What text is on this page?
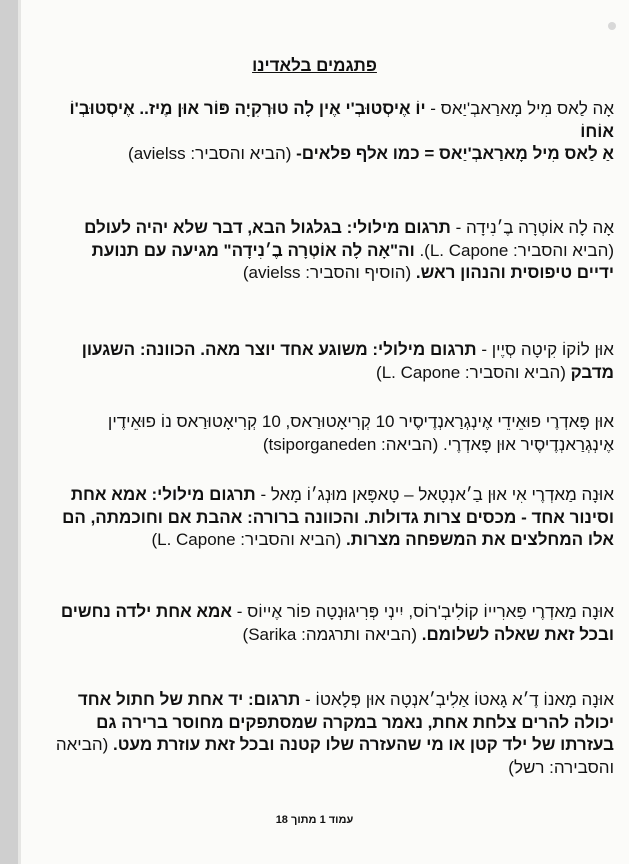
פתגמים בלאדינו
אָה לַאס מִיל מָארַאבְ'יַאס - יוֹ אֶיסְטוּבְ'י אֶין לָה טוּרְקִיָה פּוֹר אוּן מֶיז.. אֶיסְטוּבְ'וֹ אוֹחוֹ
אַ לַאס מִיל מָארַאבְ'יַאס = כמו אלף פלאים- (הביא והסביר: avielss)
אָה לָה אוֹטְרָה בֶ׳נִידָה - תרגום מילולי: בגלגול הבא, דבר שלא יהיה לעולם (הביא והסביר: L. Capone). וה"אָה לָה אוֹטְרָה בֶ׳נִידָה" מגיעה עם תנועת ידיים טיפוסית והנהון ראש. (הוסיף והסביר: avielss)
אוּן לוֹקוֹ קִיטָה סְיֶין - תרגום מילולי: משוגע אחד יוצר מאה. הכוונה: השגעון מדבק (הביא והסביר: L. Capone)
אוּן פָּאדְרֶי פוּאֵידֵי אֶינְגְרַאנְדֶיסֶיר 10 קְרִיאָטוּרַאס, 10 קְרִיאָטוּרַאס נוֹ פוּאֵידֶין אֶינְגְרַאנְדֶיסֶיר אוּן פָּאדְרֶי. (הביאה: tsiporganeden)
אוּנָה מַאדְרֶי אִי אוּן בַ׳אנְטָאל – טָאפָּאן מוּנְג׳וֹ מָאל - תרגום מילולי: אמא אחת וסינור אחד - מכסים צרות גדולות. והכוונה ברורה: אהבת אם וחוכמתה, הם אלו המחלצים את המשפחה מצרות. (הביא והסביר: L. Capone)
אוּנָה מַאדְרֶי פַּארִייוֹ קוֹלִיבְ'רוֹס, יִינְי פְּרִיגוּנְטָה פוֹר אֶייוֹס - אמא אחת ילדה נחשים ובכל זאת שאלה לשלומם. (הביאה ותרגמה: Sarika)
אוּנָה מָאנוֹ דֶ׳א גָאטוֹ אַלִיבְ׳אנְטָה אוּן פְּלָאטוֹ - תרגום: יד אחת של חתול אחד יכולה להרים צלחת אחת, נאמר במקרה שמסתפקים מחוסר ברירה גם בעזרתו של ילד קטן או מי שהעזרה שלו קטנה ובכל זאת עוזרת מעט. (הביאה והסבירה: רשל)
עמוד 1 מתוך 18
